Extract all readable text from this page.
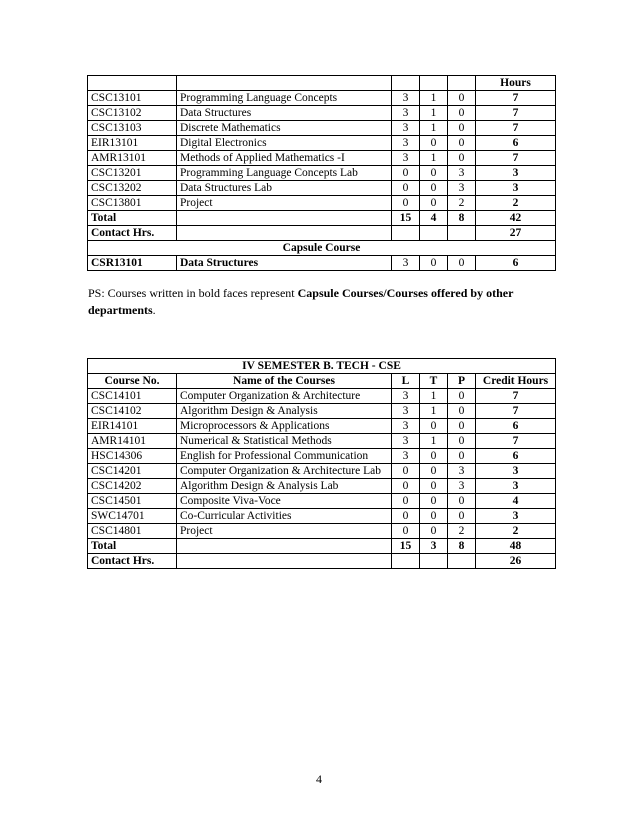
					Hours
CSC13101	Programming Language Concepts	3	1	0	7
CSC13102	Data Structures	3	1	0	7
CSC13103	Discrete Mathematics	3	1	0	7
EIR13101	Digital Electronics	3	0	0	6
AMR13101	Methods of Applied Mathematics -I	3	1	0	7
CSC13201	Programming Language Concepts Lab	0	0	3	3
CSC13202	Data Structures Lab	0	0	3	3
CSC13801	Project	0	0	2	2
Total		15	4	8	42
Contact Hrs.					27
Capsule Course					
CSR13101	Data Structures	3	0	0	6
PS: Courses written in bold faces represent Capsule Courses/Courses offered by other departments.
IV SEMESTER B. TECH - CSE					
Course No.	Name of the Courses	L	T	P	Credit Hours
CSC14101	Computer Organization & Architecture	3	1	0	7
CSC14102	Algorithm Design & Analysis	3	1	0	7
EIR14101	Microprocessors & Applications	3	0	0	6
AMR14101	Numerical & Statistical Methods	3	1	0	7
HSC14306	English for Professional Communication	3	0	0	6
CSC14201	Computer Organization & Architecture Lab	0	0	3	3
CSC14202	Algorithm Design & Analysis Lab	0	0	3	3
CSC14501	Composite Viva-Voce	0	0	0	4
SWC14701	Co-Curricular Activities	0	0	0	3
CSC14801	Project	0	0	2	2
Total		15	3	8	48
Contact Hrs.					26
4
